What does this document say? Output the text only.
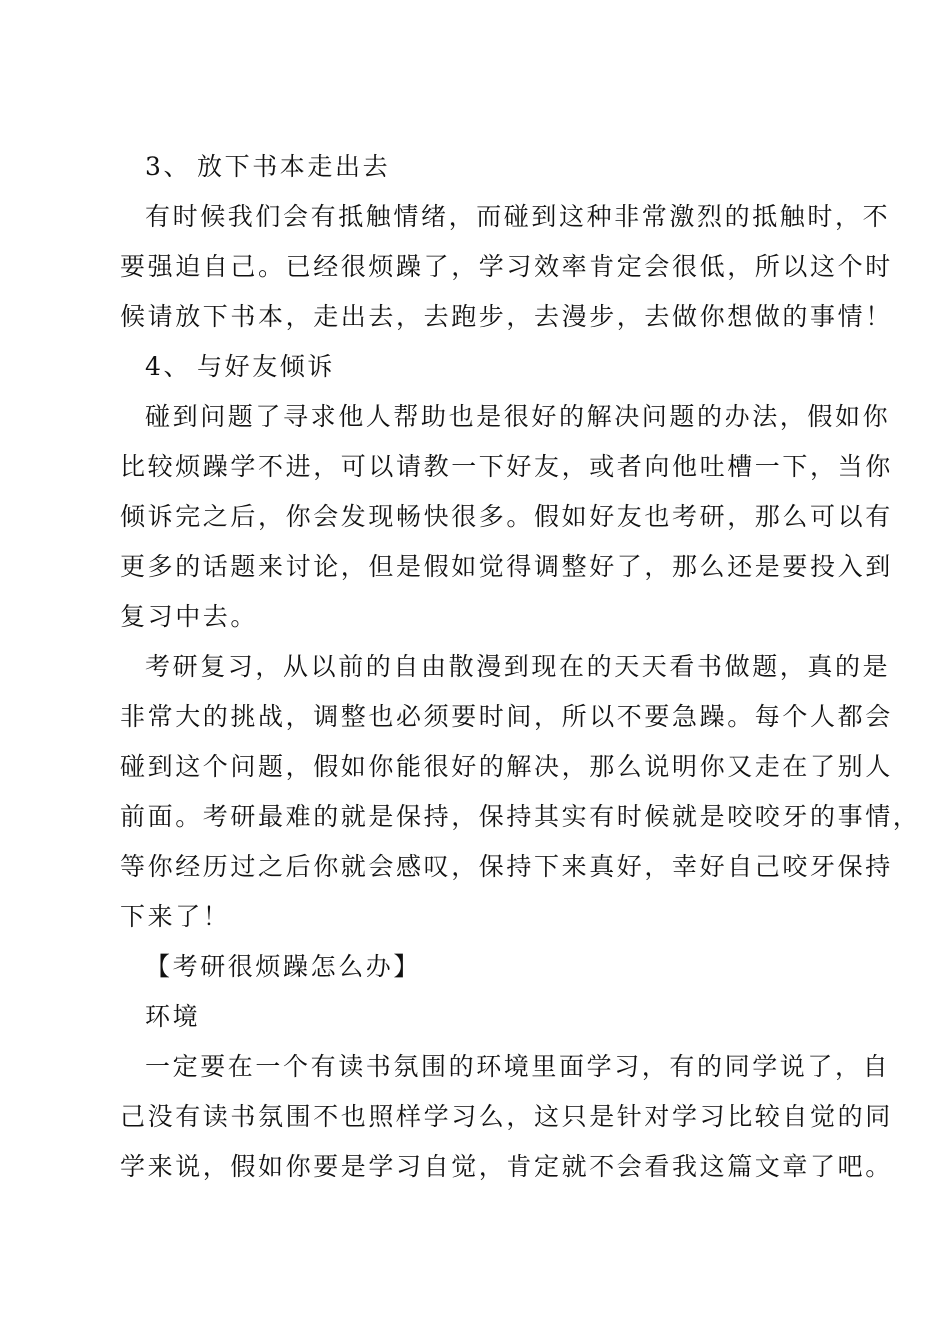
3、 放下书本走出去
有时候我们会有抵触情绪，而碰到这种非常激烈的抵触时，不
要强迫自己。已经很烦躁了，学习效率肯定会很低，所以这个时
候请放下书本，走出去，去跑步，去漫步，去做你想做的事情！
4、 与好友倾诉
碰到问题了寻求他人帮助也是很好的解决问题的办法，假如你
比较烦躁学不进，可以请教一下好友，或者向他吐槽一下，当你
倾诉完之后，你会发现畅快很多。假如好友也考研，那么可以有
更多的话题来讨论，但是假如觉得调整好了，那么还是要投入到
复习中去。
考研复习，从以前的自由散漫到现在的天天看书做题，真的是
非常大的挑战，调整也必须要时间，所以不要急躁。每个人都会
碰到这个问题，假如你能很好的解决，那么说明你又走在了别人
前面。考研最难的就是保持，保持其实有时候就是咬咬牙的事情，
等你经历过之后你就会感叹，保持下来真好，幸好自己咬牙保持
下来了！
【考研很烦躁怎么办】
环境
一定要在一个有读书氛围的环境里面学习，有的同学说了，自
己没有读书氛围不也照样学习么，这只是针对学习比较自觉的同
学来说，假如你要是学习自觉，肯定就不会看我这篇文章了吧。
